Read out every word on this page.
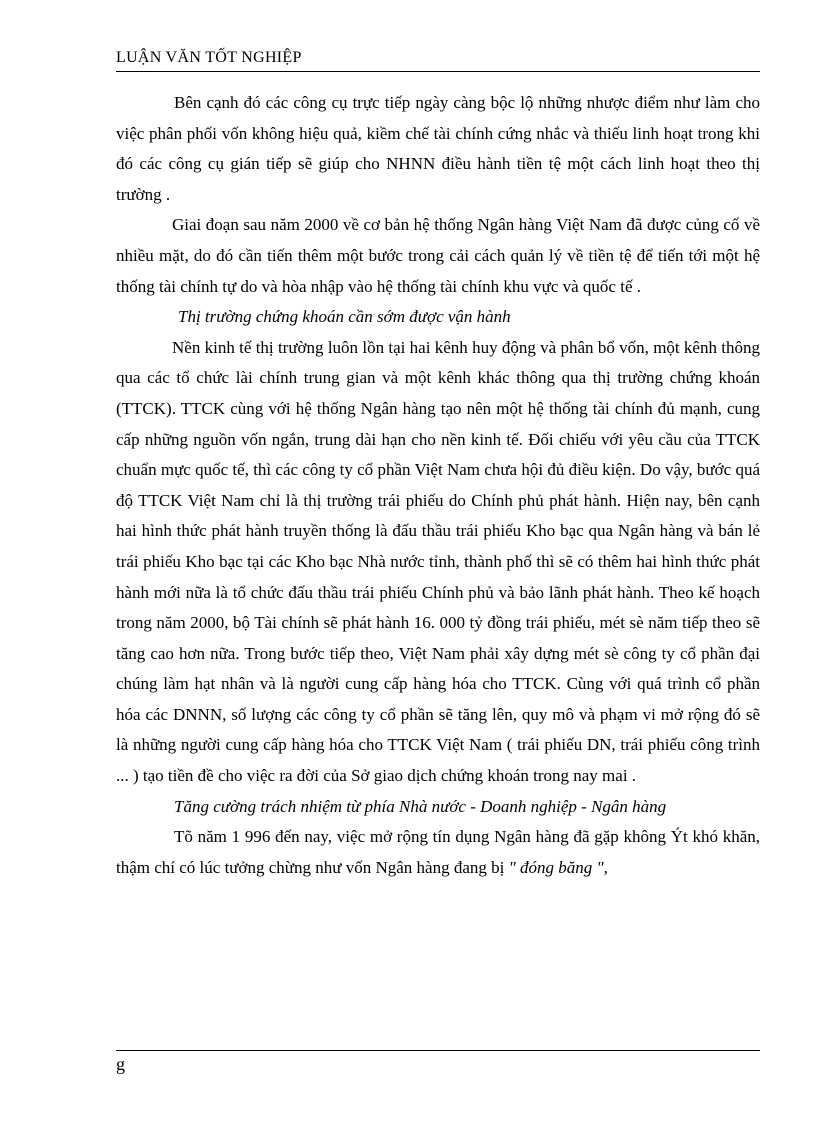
LUẬN VĂN TỐT NGHIỆP

Bên cạnh đó các công cụ trực tiếp ngày càng bộc lộ những nhược điểm như làm cho việc phân phối vốn không hiệu quả, kiềm chế tài chính cứng nhắc và thiếu linh hoạt trong khi đó các công cụ gián tiếp sẽ giúp cho NHNN điều hành tiền tệ một cách linh hoạt theo thị trường .

Giai đoạn sau năm 2000 về cơ bản hệ thống Ngân hàng Việt Nam đã được củng cố về nhiều mặt, do đó cần tiến thêm một bước trong cải cách quản lý về tiền tệ để tiến tới một hệ thống tài chính tự do và hòa nhập vào hệ thống tài chính khu vực và quốc tế .

Thị trường chứng khoán cần sớm được vận hành

Nền kinh tế thị trường luôn lồn tại hai kênh huy động và phân bổ vốn, một kênh thông qua các tổ chức lài chính trung gian và một kênh khác thông qua thị trường chứng khoán (TTCK). TTCK cùng với hệ thống Ngân hàng tạo nên một hệ thống tài chính đủ mạnh, cung cấp những nguồn vốn ngắn, trung dài hạn cho nền kinh tế. Đối chiếu với yêu cầu của TTCK chuẩn mực quốc tế, thì các công ty cổ phần Việt Nam chưa hội đủ điều kiện. Do vậy, bước quá độ TTCK Việt Nam chỉ là thị trường trái phiếu do Chính phủ phát hành. Hiện nay, bên cạnh hai hình thức phát hành truyền thống là đấu thầu trái phiếu Kho bạc qua Ngân hàng và bán lẻ trái phiếu Kho bạc tại các Kho bạc Nhà nước tỉnh, thành phố thì sẽ có thêm hai hình thức phát hành mới nữa là tổ chức đấu thầu trái phiếu Chính phủ và bảo lãnh phát hành. Theo kế hoạch trong năm 2000, bộ Tài chính sẽ phát hành 16. 000 tỷ đồng trái phiếu, mét sè năm tiếp theo sẽ tăng cao hơn nữa. Trong bước tiếp theo, Việt Nam phải xây dựng mét sè công ty cổ phần đại chúng làm hạt nhân và là người cung cấp hàng hóa cho TTCK. Cùng với quá trình cổ phần hóa các DNNN, số lượng các công ty cổ phần sẽ tăng lên, quy mô và phạm vi mở rộng đó sẽ là những người cung cấp hàng hóa cho TTCK Việt Nam ( trái phiếu DN, trái phiếu công trình ... ) tạo tiền đề cho việc ra đời của Sở giao dịch chứng khoán trong nay mai .

Tăng cường trách nhiệm từ phía Nhà nước - Doanh nghiệp - Ngân hàng

Tõ năm 1 996 đến nay, việc mở rộng tín dụng Ngân hàng đã gặp không Ýt khó khăn, thậm chí có lúc tưởng chừng như vốn Ngân hàng đang bị " đóng băng ",

g
